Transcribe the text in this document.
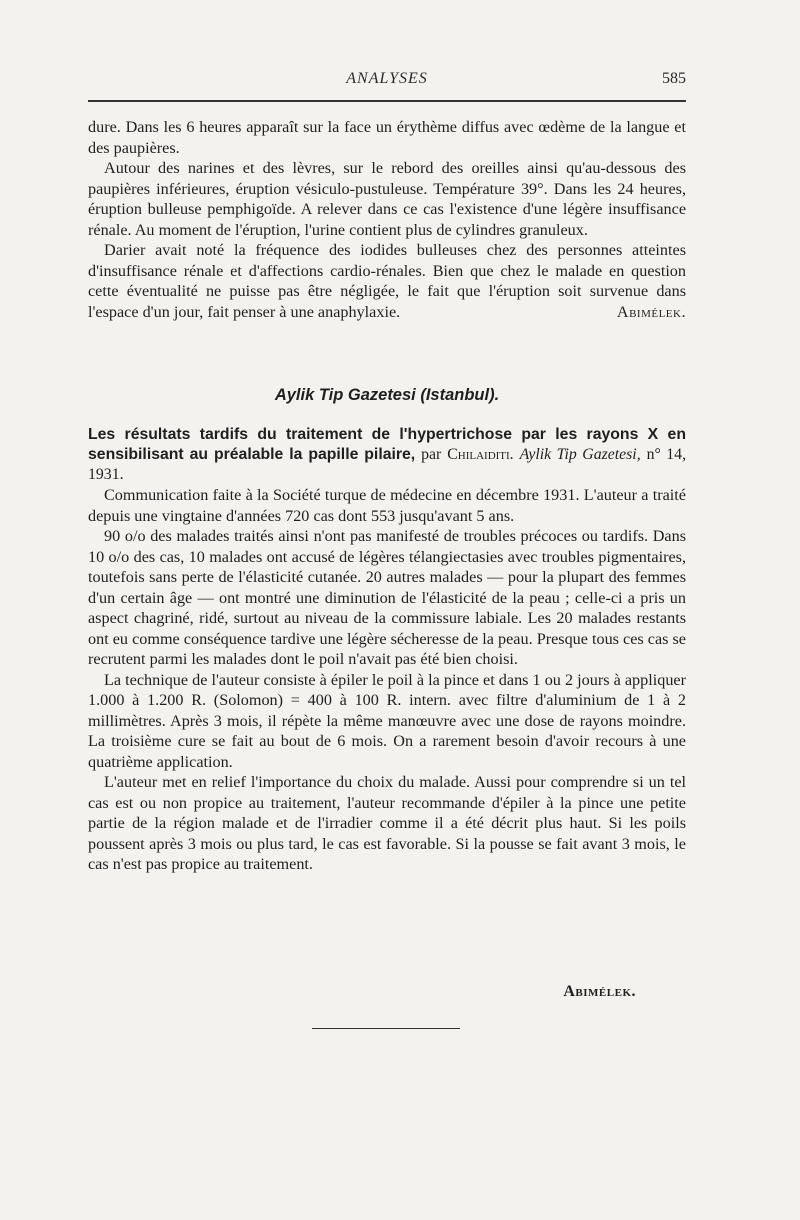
ANALYSES	585

dure. Dans les 6 heures apparaît sur la face un érythème diffus avec œdème de la langue et des paupières.

Autour des narines et des lèvres, sur le rebord des oreilles ainsi qu'au-dessous des paupières inférieures, éruption vésiculo-pustuleuse. Température 39°. Dans les 24 heures, éruption bulleuse pemphigoïde. A relever dans ce cas l'existence d'une légère insuffisance rénale. Au moment de l'éruption, l'urine contient plus de cylindres granuleux.

Darier avait noté la fréquence des iodides bulleuses chez des personnes atteintes d'insuffisance rénale et d'affections cardio-rénales. Bien que chez le malade en question cette éventualité ne puisse pas être négligée, le fait que l'éruption soit survenue dans l'espace d'un jour, fait penser à une anaphylaxie.	Abimélek.

Aylik Tip Gazetesi (Istanbul).

Les résultats tardifs du traitement de l'hypertrichose par les rayons X en sensibilisant au préalable la papille pilaire, par Chilaiditi. Aylik Tip Gazetesi, n° 14, 1931.

Communication faite à la Société turque de médecine en décembre 1931. L'auteur a traité depuis une vingtaine d'années 720 cas dont 553 jusqu'avant 5 ans.

90 o/o des malades traités ainsi n'ont pas manifesté de troubles précoces ou tardifs. Dans 10 o/o des cas, 10 malades ont accusé de légères télangiectasies avec troubles pigmentaires, toutefois sans perte de l'élasticité cutanée. 20 autres malades — pour la plupart des femmes d'un certain âge — ont montré une diminution de l'élasticité de la peau ; celle-ci a pris un aspect chagriné, ridé, surtout au niveau de la commissure labiale. Les 20 malades restants ont eu comme conséquence tardive une légère sécheresse de la peau. Presque tous ces cas se recrutent parmi les malades dont le poil n'avait pas été bien choisi.

La technique de l'auteur consiste à épiler le poil à la pince et dans 1 ou 2 jours à appliquer 1.000 à 1.200 R. (Solomon) = 400 à 100 R. intern. avec filtre d'aluminium de 1 à 2 millimètres. Après 3 mois, il répète la même manœuvre avec une dose de rayons moindre. La troisième cure se fait au bout de 6 mois. On a rarement besoin d'avoir recours à une quatrième application.

L'auteur met en relief l'importance du choix du malade. Aussi pour comprendre si un tel cas est ou non propice au traitement, l'auteur recommande d'épiler à la pince une petite partie de la région malade et de l'irradier comme il a été décrit plus haut. Si les poils poussent après 3 mois ou plus tard, le cas est favorable. Si la pousse se fait avant 3 mois, le cas n'est pas propice au traitement.

Abimélek.
